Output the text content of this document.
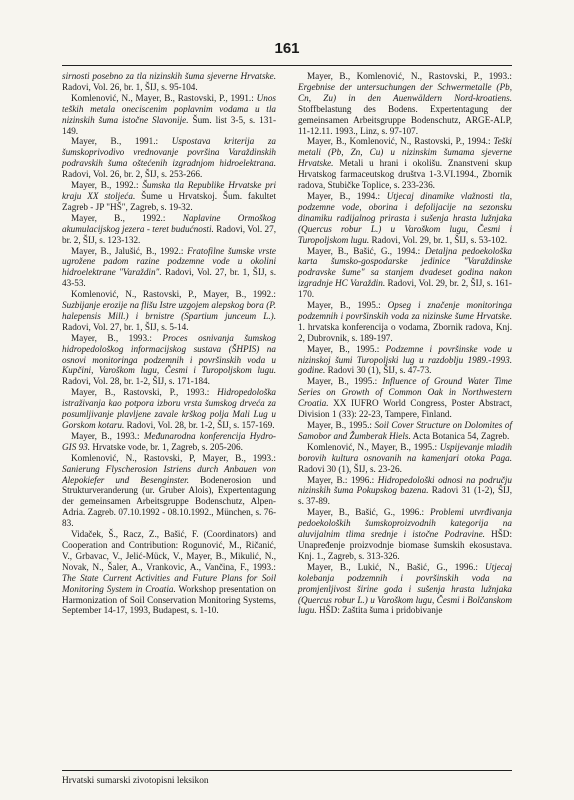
161

sirnosti posebno za tla nizinskih šuma sjeverne Hrvatske. Radovi, Vol. 26, br. 1, ŠIJ, s. 95-104.

Komlenović, N., Mayer, B., Rastovski, P., 1991.: Unos teških metala oneciscenim poplavnim vodama u tla nizinskih šuma istočne Slavonije. Šum. list 3-5, s. 131-149.

Mayer, B., 1991.: Uspostava kriterija za šumskoprivodivo vrednovanje površina Varaždinskih podravskih šuma oštećenih izgradnjom hidroelektrana. Radovi, Vol. 26, br. 2, ŠIJ, s. 253-266.

Mayer, B., 1992.: Šumska tla Republike Hrvatske pri kraju XX stoljeća. Šume u Hrvatskoj. Šum. fakultet Zagreb - JP "HŠ", Zagreb, s. 19-32.

Mayer, B., 1992.: Naplavine Ormoškog akumulacijskog jezera - teret budućnosti. Radovi, Vol. 27, br. 2, ŠIJ, s. 123-132.

Mayer, B., Jalušić, B., 1992.: Fratofilne šumske vrste ugrožene padom razine podzemne vode u okolini hidroelektrane "Varaždin". Radovi, Vol. 27, br. 1, ŠIJ, s. 43-53.

Komlenović, N., Rastovski, P., Mayer, B., 1992.: Suzbijanje erozije na flišu Istre uzgojem alepskog bora (P. halepensis Mill.) i brnistre (Spartium junceum L.). Radovi, Vol. 27, br. 1, ŠIJ, s. 5-14.

Mayer, B., 1993.: Proces osnivanja šumskog hidropedološkog informacijskog sustava (ŠHPIS) na osnovi monitoringa podzemnih i površinskih voda u Kupčini, Varoškom lugu, Česmi i Turopoljskom lugu. Radovi, Vol. 28, br. 1-2, ŠIJ, s. 171-184.

Mayer, B., Rastovski, P., 1993.: Hidropedološka istraživanja kao potpora izboru vrsta šumskog drveća za posumljivanje plavljene zavale krškog polja Mali Lug u Gorskom kotaru. Radovi, Vol. 28, br. 1-2, ŠIJ, s. 157-169.

Mayer, B., 1993.: Međunarodna konferencija Hydro-GIS 93. Hrvatske vode, br. 1, Zagreb, s. 205-206.

Komlenović, N., Rastovski, P, Mayer, B., 1993.: Sanierung Flyscherosion Istriens durch Anbauen von Alepokiefer und Besenginster. Bodenerosion und Strukturveranderung (ur. Gruber Alois), Expertentagung der gemeinsamen Arbeitsgruppe Bodenschutz, Alpen-Adria. Zagreb. 07.10.1992 - 08.10.1992., München, s. 76-83.

Vidaček, Š., Racz, Z., Bašić, F. (Coordinators) and Cooperation and Contribution: Rogunović, M., Ričanić, V., Grbavac, V., Jelić-Mück, V., Mayer, B., Mikulić, N., Novak, N., Šaler, A., Vrankovic, A., Vančina, F., 1993.: The State Current Activities and Future Plans for Soil Monitoring System in Croatia. Workshop presentation on Harmonization of Soil Conservation Monitoring Systems, September 14-17, 1993, Budapest, s. 1-10.

Mayer, B., Komlenović, N., Rastovski, P., 1993.: Ergebnise der untersuchungen der Schwermetalle (Pb, Cn, Zu) in den Auenwäldern Nord-kroatiens. Stoffbelastung des Bodens. Expertentagung der gemeinsamen Arbeitsgruppe Bodenschutz, ARGE-ALP, 11-12.11. 1993., Linz, s. 97-107.

Mayer, B., Komlenović, N., Rastovski, P., 1994.: Teški metali (Pb, Zn, Cu) u nizinskim šumama sjeverne Hrvatske. Metali u hrani i okolišu. Znanstveni skup Hrvatskog farmaceutskog društva 1-3.VI.1994., Zbornik radova, Stubičke Toplice, s. 233-236.

Mayer, B., 1994.: Utjecaj dinamike vlažnosti tla, podzemne vode, oborina i defolijacije na sezonsku dinamiku radijalnog prirasta i sušenja hrasta lužnjaka (Quercus robur L.) u Varoškom lugu, Česmi i Turopoljskom lugu. Radovi, Vol. 29, br. 1, ŠIJ, s. 53-102.

Mayer, B., Bašić, G., 1994.: Detaljna pedoekološka karta šumsko-gospodarske jedinice "Varaždinske podravske šume" sa stanjem dvadeset godina nakon izgradnje HC Varaždin. Radovi, Vol. 29, br. 2, ŠIJ, s. 161-170.

Mayer, B., 1995.: Opseg i značenje monitoringa podzemnih i površinskih voda za nizinske šume Hrvatske. 1. hrvatska konferencija o vodama, Zbornik radova, Knj. 2, Dubrovnik, s. 189-197.

Mayer, B., 1995.: Podzemne i površinske vode u nizinskoj šumi Turopoljski lug u razdoblju 1989.-1993. godine. Radovi 30 (1), ŠIJ, s. 47-73.

Mayer, B., 1995.: Influence of Ground Water Time Series on Growth of Common Oak in Northwestern Croatia. XX IUFRO World Congress, Poster Abstract, Division 1 (33): 22-23, Tampere, Finland.

Mayer, B., 1995.: Soil Cover Structure on Dolomites of Samobor and Žumberak Hiels. Acta Botanica 54, Zagreb.

Komlenović, N., Mayer, B., 1995.: Uspijevanje mladih borovih kultura osnovanih na kamenjari otoka Paga. Radovi 30 (1), ŠIJ, s. 23-26.

Mayer, B.: 1996.: Hidropedološki odnosi na području nizinskih šuma Pokupskog bazena. Radovi 31 (1-2), ŠIJ, s. 37-89.

Mayer, B., Bašić, G., 1996.: Problemi utvrđivanja pedoekoloških šumskoproizvodnih kategorija na aluvijalnim tlima srednje i istočne Podravine. HŠD: Unapređenje proizvodnje biomase šumskih ekosustava. Knj. 1., Zagreb, s. 313-326.

Mayer, B., Lukić, N., Bašić, G., 1996.: Utjecaj kolebanja podzemnih i površinskih voda na promjenljivost širine goda i sušenja hrasta lužnjaka (Quercus robur L.) u Varoškom lugu, Česmi i Bolčanskom lugu. HŠD: Zaštita šuma i pridobivanje

Hrvatski sumarski zivotopisni leksikon
